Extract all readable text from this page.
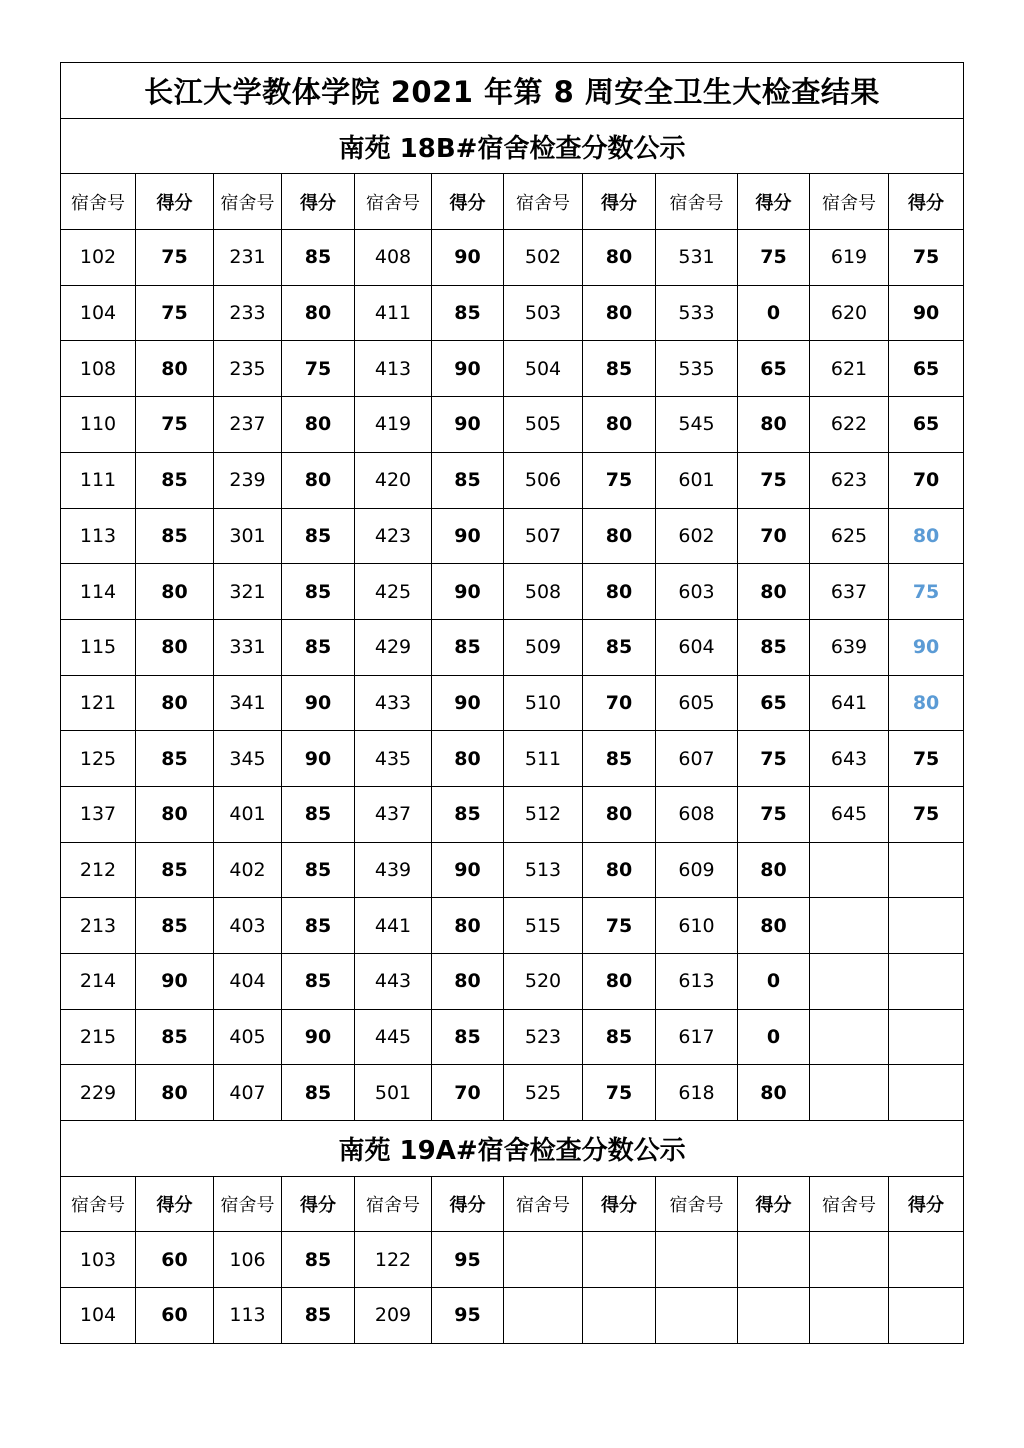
长江大学教体学院 2021 年第 8 周安全卫生大检查结果											
南苑 18B#宿舍检查分数公示											
宿舍号	得分	宿舍号	得分	宿舍号	得分	宿舍号	得分	宿舍号	得分	宿舍号	得分
102	75	231	85	408	90	502	80	531	75	619	75
104	75	233	80	411	85	503	80	533	0	620	90
108	80	235	75	413	90	504	85	535	65	621	65
110	75	237	80	419	90	505	80	545	80	622	65
111	85	239	80	420	85	506	75	601	75	623	70
113	85	301	85	423	90	507	80	602	70	625	80
114	80	321	85	425	90	508	80	603	80	637	75
115	80	331	85	429	85	509	85	604	85	639	90
121	80	341	90	433	90	510	70	605	65	641	80
125	85	345	90	435	80	511	85	607	75	643	75
137	80	401	85	437	85	512	80	608	75	645	75
212	85	402	85	439	90	513	80	609	80		
213	85	403	85	441	80	515	75	610	80		
214	90	404	85	443	80	520	80	613	0		
215	85	405	90	445	85	523	85	617	0		
229	80	407	85	501	70	525	75	618	80		
南苑 19A#宿舍检查分数公示											
宿舍号	得分	宿舍号	得分	宿舍号	得分	宿舍号	得分	宿舍号	得分	宿舍号	得分
103	60	106	85	122	95						
104	60	113	85	209	95						
